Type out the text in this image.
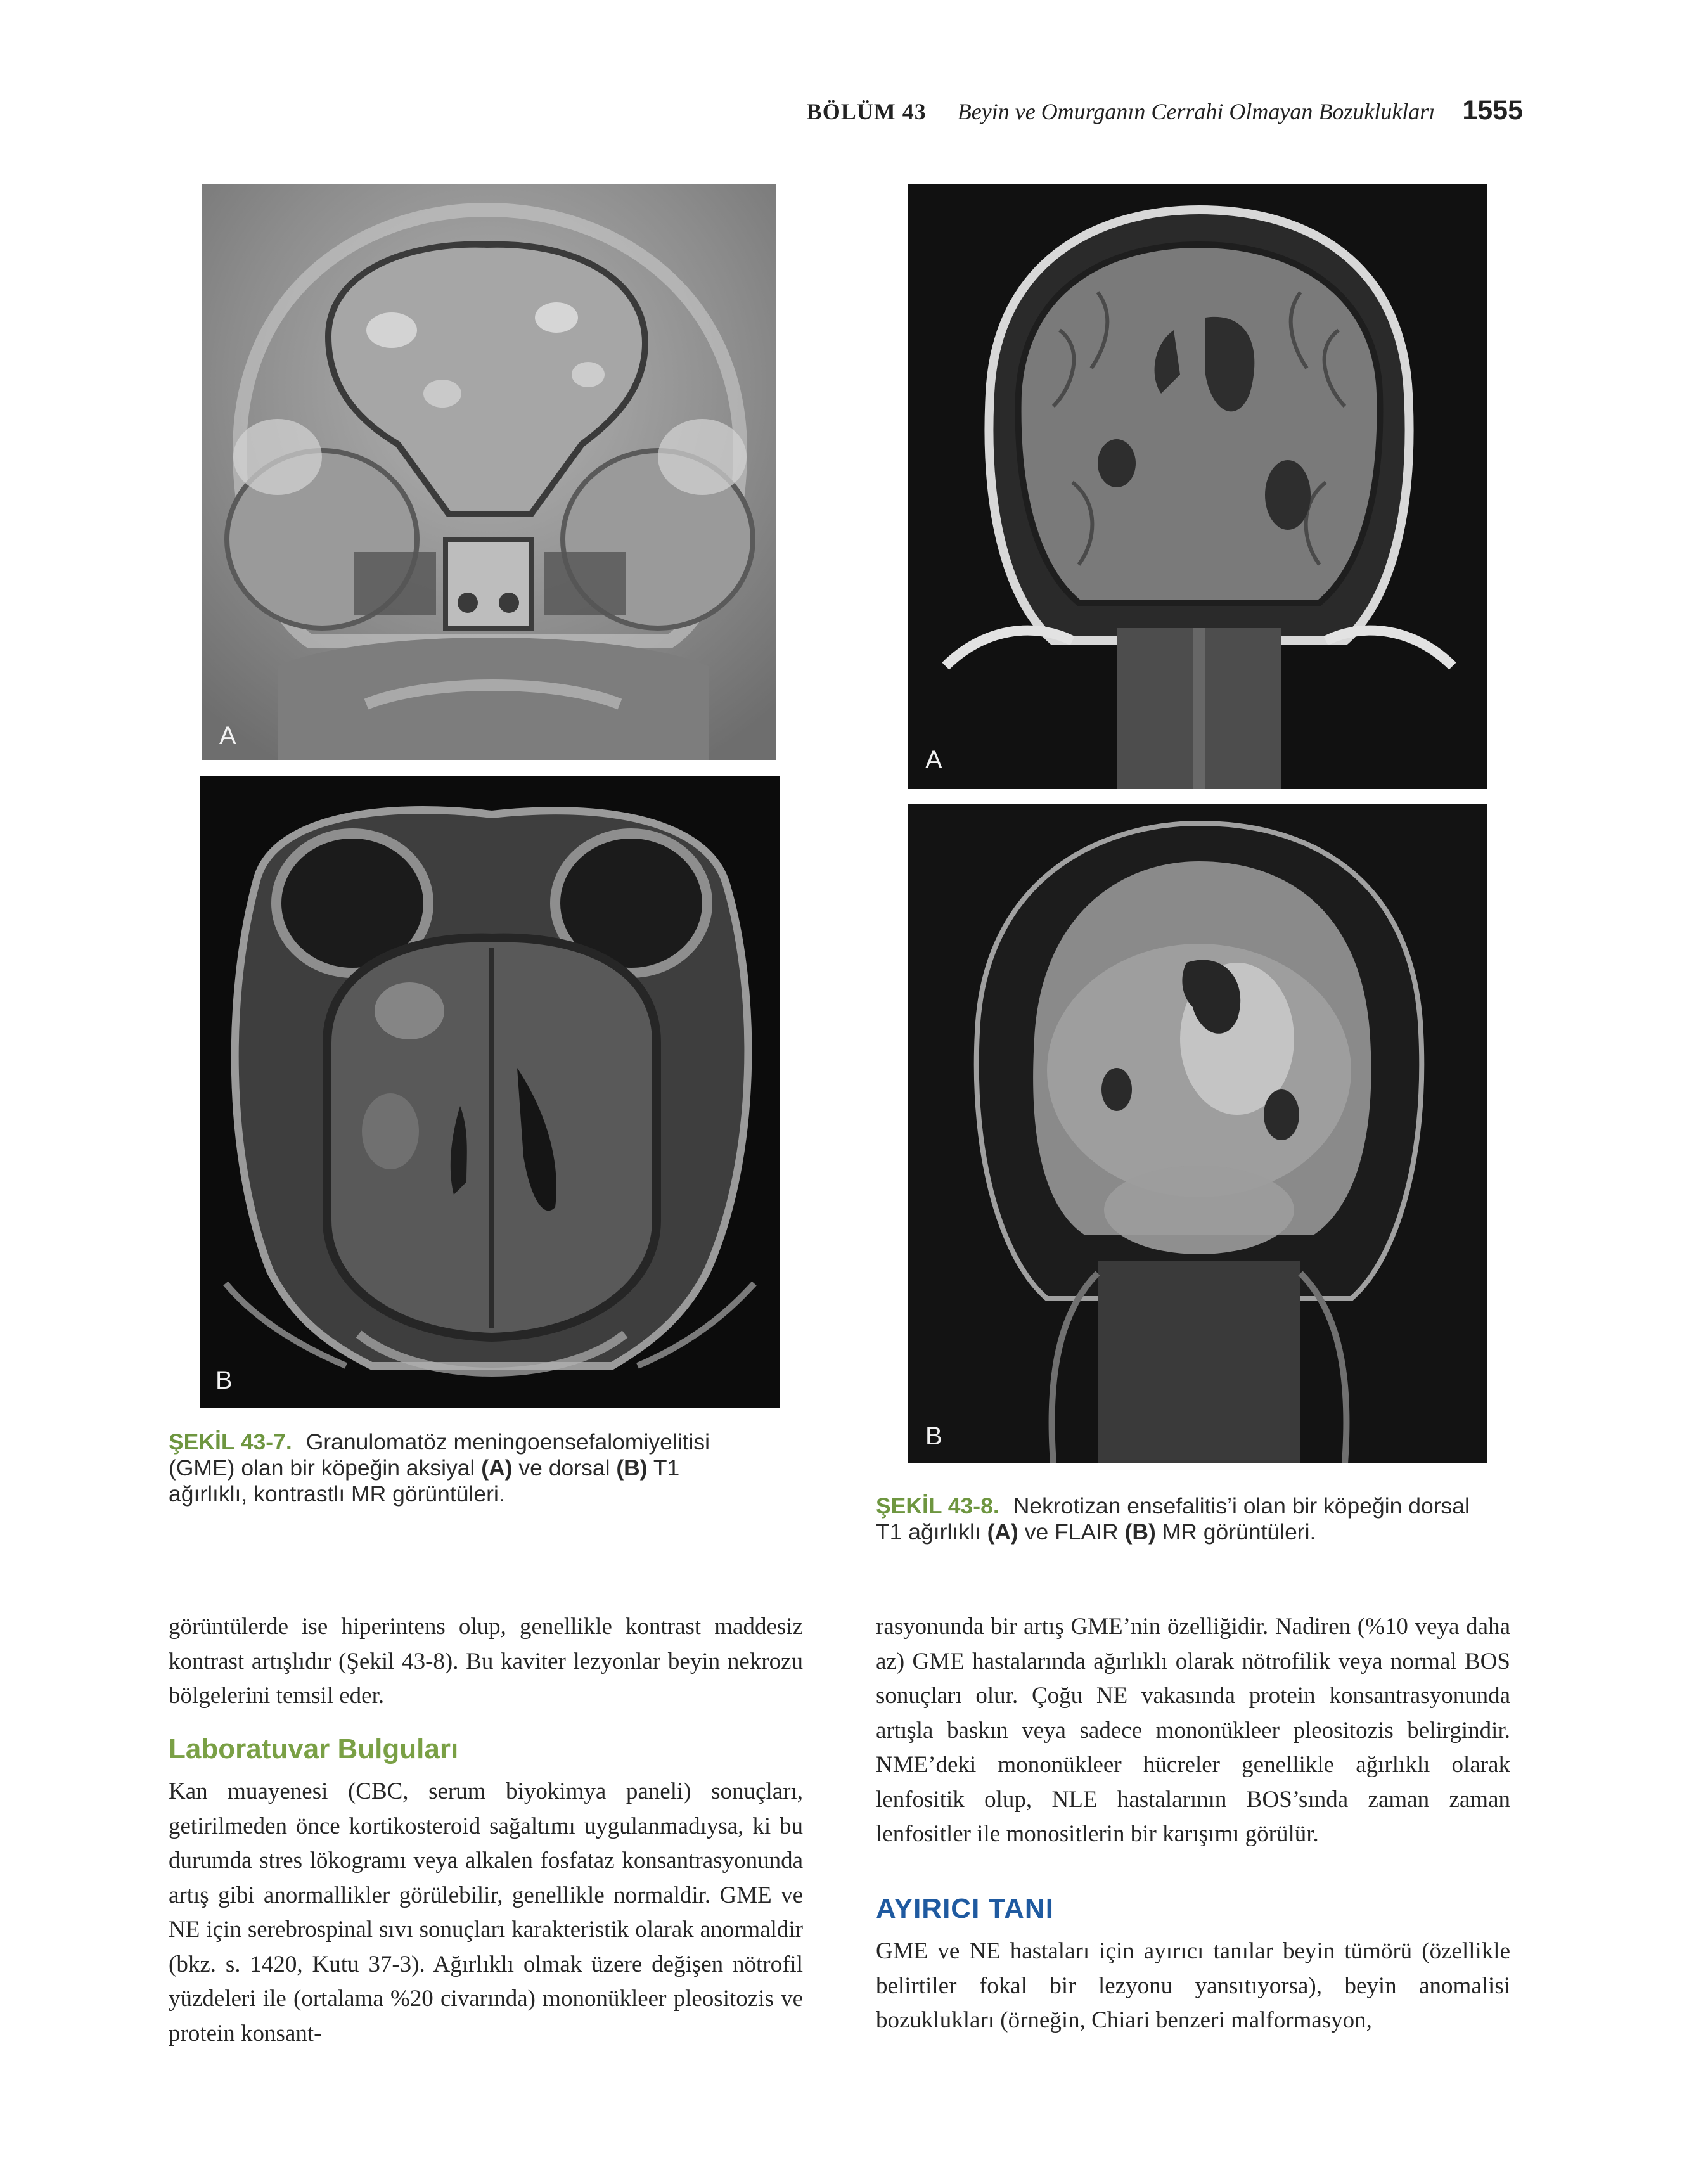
BÖLÜM 43 Beyin ve Omurganın Cerrahi Olmayan Bozuklukları 1555
A
B
ŞEKİL 43-7. Granulomatöz meningoensefalomiyelitisi (GME) olan bir köpeğin aksiyal (A) ve dorsal (B) T1 ağırlıklı, kontrastlı MR görüntüleri.
A
B
ŞEKİL 43-8. Nekrotizan ensefalitis’i olan bir köpeğin dorsal T1 ağırlıklı (A) ve FLAIR (B) MR görüntüleri.

görüntülerde ise hiperintens olup, genellikle kontrast maddesiz kontrast artışlıdır (Şekil 43-8). Bu kaviter lezyonlar beyin nekrozu bölgelerini temsil eder.

Laboratuvar Bulguları

Kan muayenesi (CBC, serum biyokimya paneli) sonuçları, getirilmeden önce kortikosteroid sağaltımı uygulanmadıysa, ki bu durumda stres lökogramı veya alkalen fosfataz konsantrasyonunda artış gibi anormallikler görülebilir, genellikle normaldir. GME ve NE için serebrospinal sıvı sonuçları karakteristik olarak anormaldir (bkz. s. 1420, Kutu 37-3). Ağırlıklı olmak üzere değişen nötrofil yüzdeleri ile (ortalama %20 civarında) mononükleer pleositozis ve protein konsant-

rasyonunda bir artış GME’nin özelliğidir. Nadiren (%10 veya daha az) GME hastalarında ağırlıklı olarak nötrofilik veya normal BOS sonuçları olur. Çoğu NE vakasında protein konsantrasyonunda artışla baskın veya sadece mononükleer pleositozis belirgindir. NME’deki mononükleer hücreler genellikle ağırlıklı olarak lenfositik olup, NLE hastalarının BOS’sında zaman zaman lenfositler ile monositlerin bir karışımı görülür.

AYIRICI TANI

GME ve NE hastaları için ayırıcı tanılar beyin tümörü (özellikle belirtiler fokal bir lezyonu yansıtıyorsa), beyin anomalisi bozuklukları (örneğin, Chiari benzeri malformasyon,
